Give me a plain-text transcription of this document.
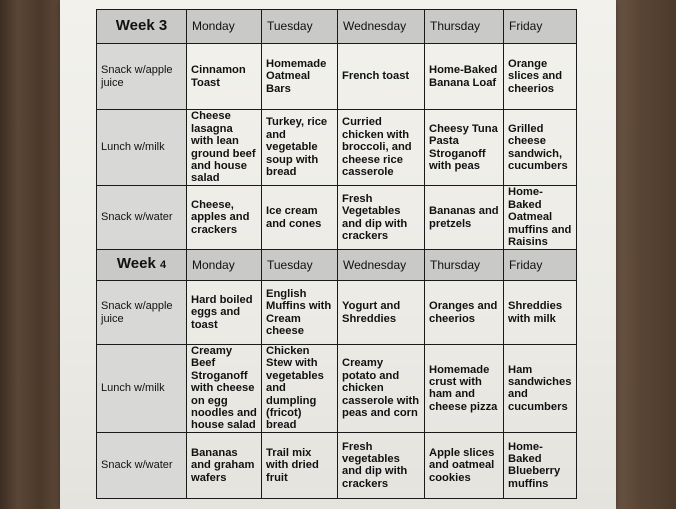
Week 3	Monday	Tuesday	Wednesday	Thursday	Friday
Snack w/apple juice	Cinnamon Toast	Homemade Oatmeal Bars	French toast	Home-Baked Banana Loaf	Orange slices and cheerios
Lunch w/milk	Cheese lasagna with lean ground beef and house salad	Turkey, rice and vegetable soup with bread	Curried chicken with broccoli, and cheese rice casserole	Cheesy Tuna Pasta Stroganoff with peas	Grilled cheese sandwich, cucumbers
Snack w/water	Cheese, apples and crackers	Ice cream and cones	Fresh Vegetables and dip with crackers	Bananas and pretzels	Home-Baked Oatmeal muffins and Raisins
Week 4	Monday	Tuesday	Wednesday	Thursday	Friday
Snack w/apple juice	Hard boiled eggs and toast	English Muffins with Cream cheese	Yogurt and Shreddies	Oranges and cheerios	Shreddies with milk
Lunch w/milk	Creamy Beef Stroganoff with cheese on egg noodles and house salad	Chicken Stew with vegetables and dumpling (fricot) bread	Creamy potato and chicken casserole with peas and corn	Homemade crust with ham and cheese pizza	Ham sandwiches and cucumbers
Snack w/water	Bananas and graham wafers	Trail mix with dried fruit	Fresh vegetables and dip with crackers	Apple slices and oatmeal cookies	Home-Baked Blueberry muffins
